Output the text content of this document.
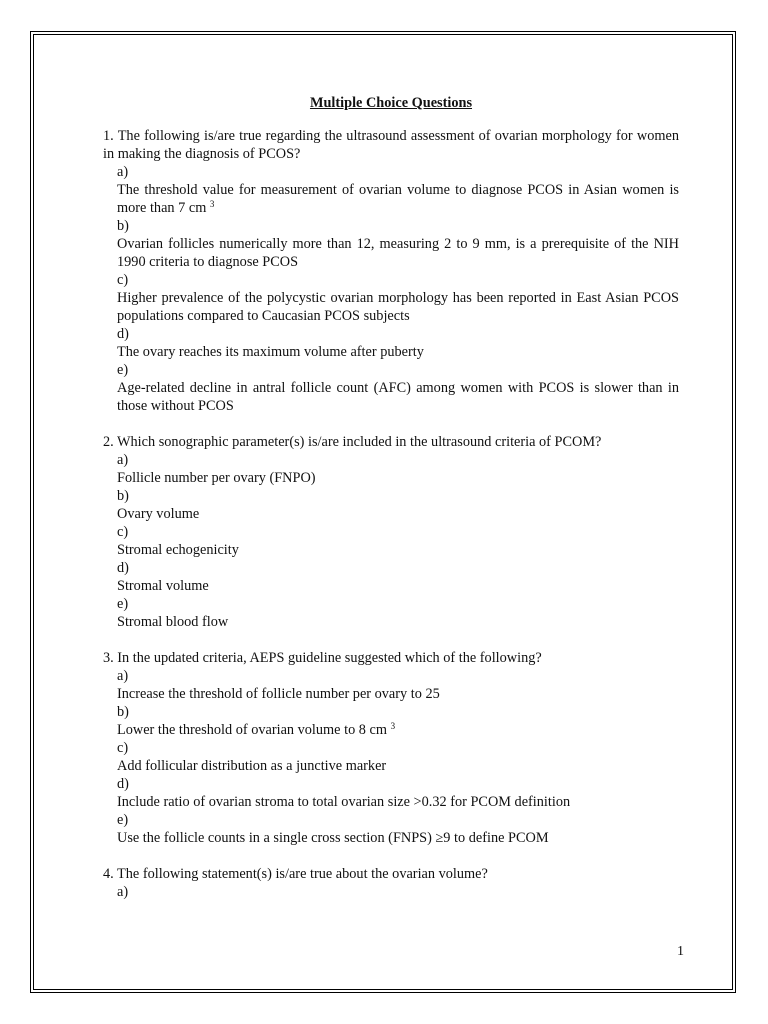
Multiple Choice Questions

1. The following is/are true regarding the ultrasound assessment of ovarian morphology for women in making the diagnosis of PCOS?

a)

The threshold value for measurement of ovarian volume to diagnose PCOS in Asian women is more than 7 cm $^3$

b)

Ovarian follicles numerically more than 12, measuring 2 to 9 mm, is a prerequisite of the NIH 1990 criteria to diagnose PCOS

c)

Higher prevalence of the polycystic ovarian morphology has been reported in East Asian PCOS populations compared to Caucasian PCOS subjects

d)

The ovary reaches its maximum volume after puberty

e)

Age-related decline in antral follicle count (AFC) among women with PCOS is slower than in those without PCOS

2. Which sonographic parameter(s) is/are included in the ultrasound criteria of PCOM?

a)

Follicle number per ovary (FNPO)

b)

Ovary volume

c)

Stromal echogenicity

d)

Stromal volume

e)

Stromal blood flow

3. In the updated criteria, AEPS guideline suggested which of the following?

a)

Increase the threshold of follicle number per ovary to 25

b)

Lower the threshold of ovarian volume to 8 cm $^3$

c)

Add follicular distribution as a junctive marker

d)

Include ratio of ovarian stroma to total ovarian size >0.32 for PCOM definition

e)

Use the follicle counts in a single cross section (FNPS) ≥9 to define PCOM

4. The following statement(s) is/are true about the ovarian volume?

a)

1
